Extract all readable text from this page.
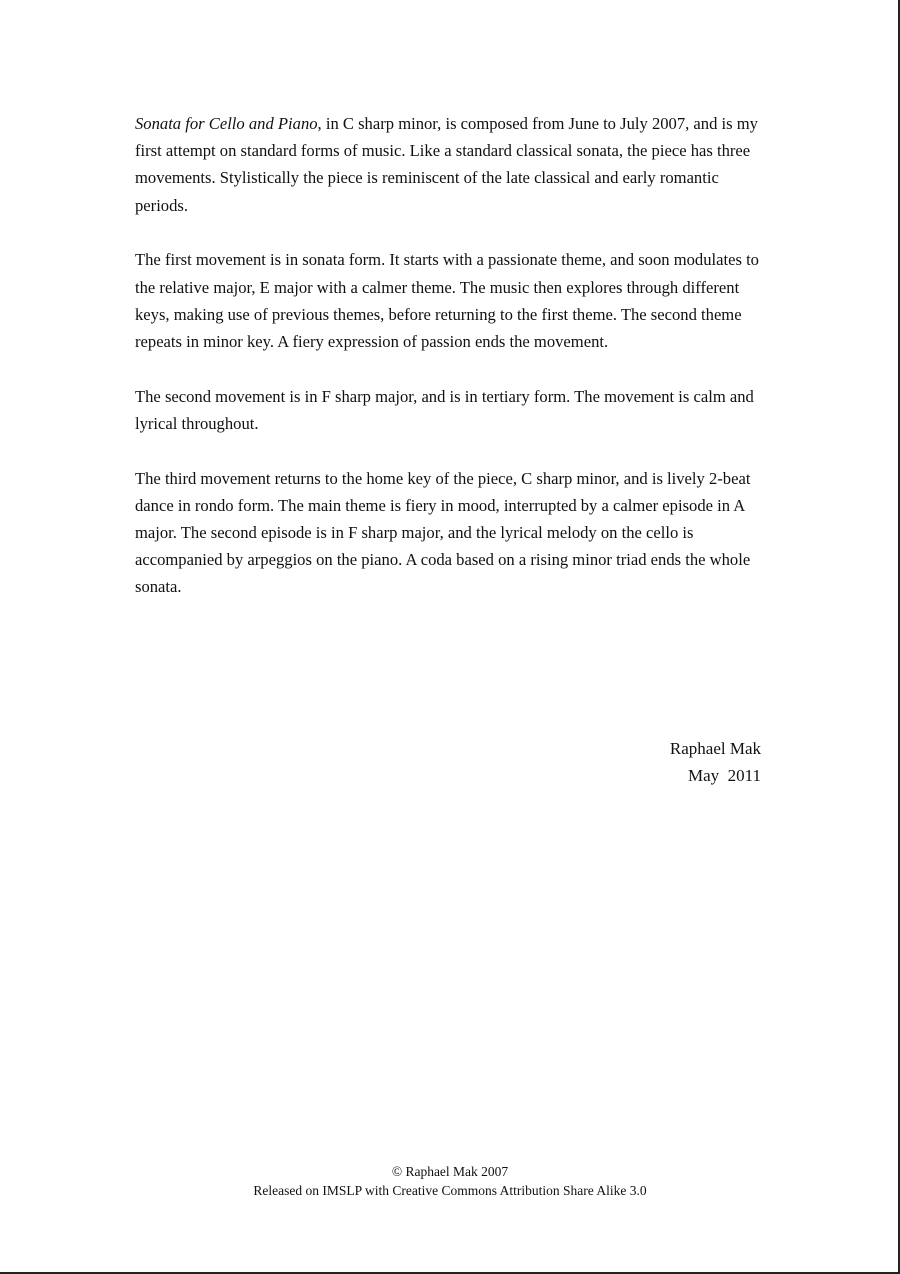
Sonata for Cello and Piano, in C sharp minor, is composed from June to July 2007, and is my first attempt on standard forms of music. Like a standard classical sonata, the piece has three movements. Stylistically the piece is reminiscent of the late classical and early romantic periods.

The first movement is in sonata form. It starts with a passionate theme, and soon modulates to the relative major, E major with a calmer theme. The music then explores through different keys, making use of previous themes, before returning to the first theme. The second theme repeats in minor key. A fiery expression of passion ends the movement.

The second movement is in F sharp major, and is in tertiary form. The movement is calm and lyrical throughout.

The third movement returns to the home key of the piece, C sharp minor, and is lively 2-beat dance in rondo form. The main theme is fiery in mood, interrupted by a calmer episode in A major. The second episode is in F sharp major, and the lyrical melody on the cello is accompanied by arpeggios on the piano. A coda based on a rising minor triad ends the whole sonata.

Raphael Mak
May  2011
© Raphael Mak 2007
Released on IMSLP with Creative Commons Attribution Share Alike 3.0
